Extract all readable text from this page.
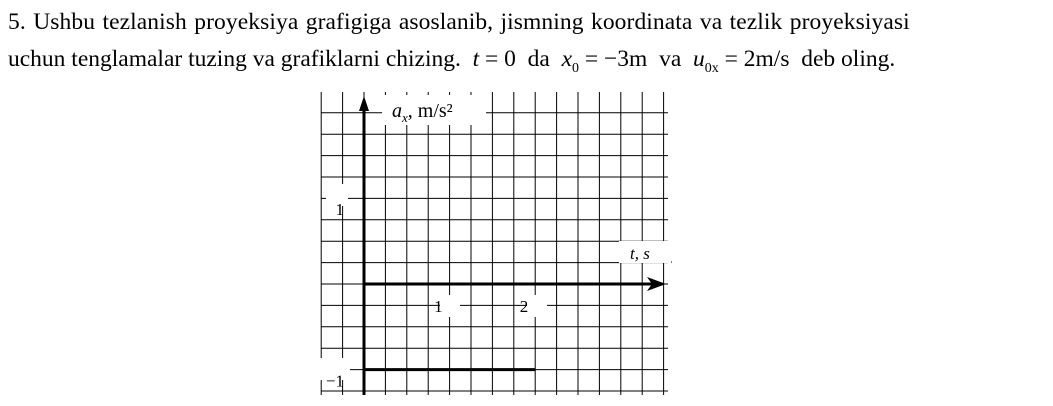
5. Ushbu tezlanish proyeksiya grafigiga asoslanib, jismning koordinata va tezlik proyeksiyasi
uchun tenglamalar tuzing va grafiklarni chizing. t = 0 da $x_0 = -3m$ va $u_{0x} = 2m/s$ deb oling.
$a_x$, m/s²
t, s
1	2
1
−1
